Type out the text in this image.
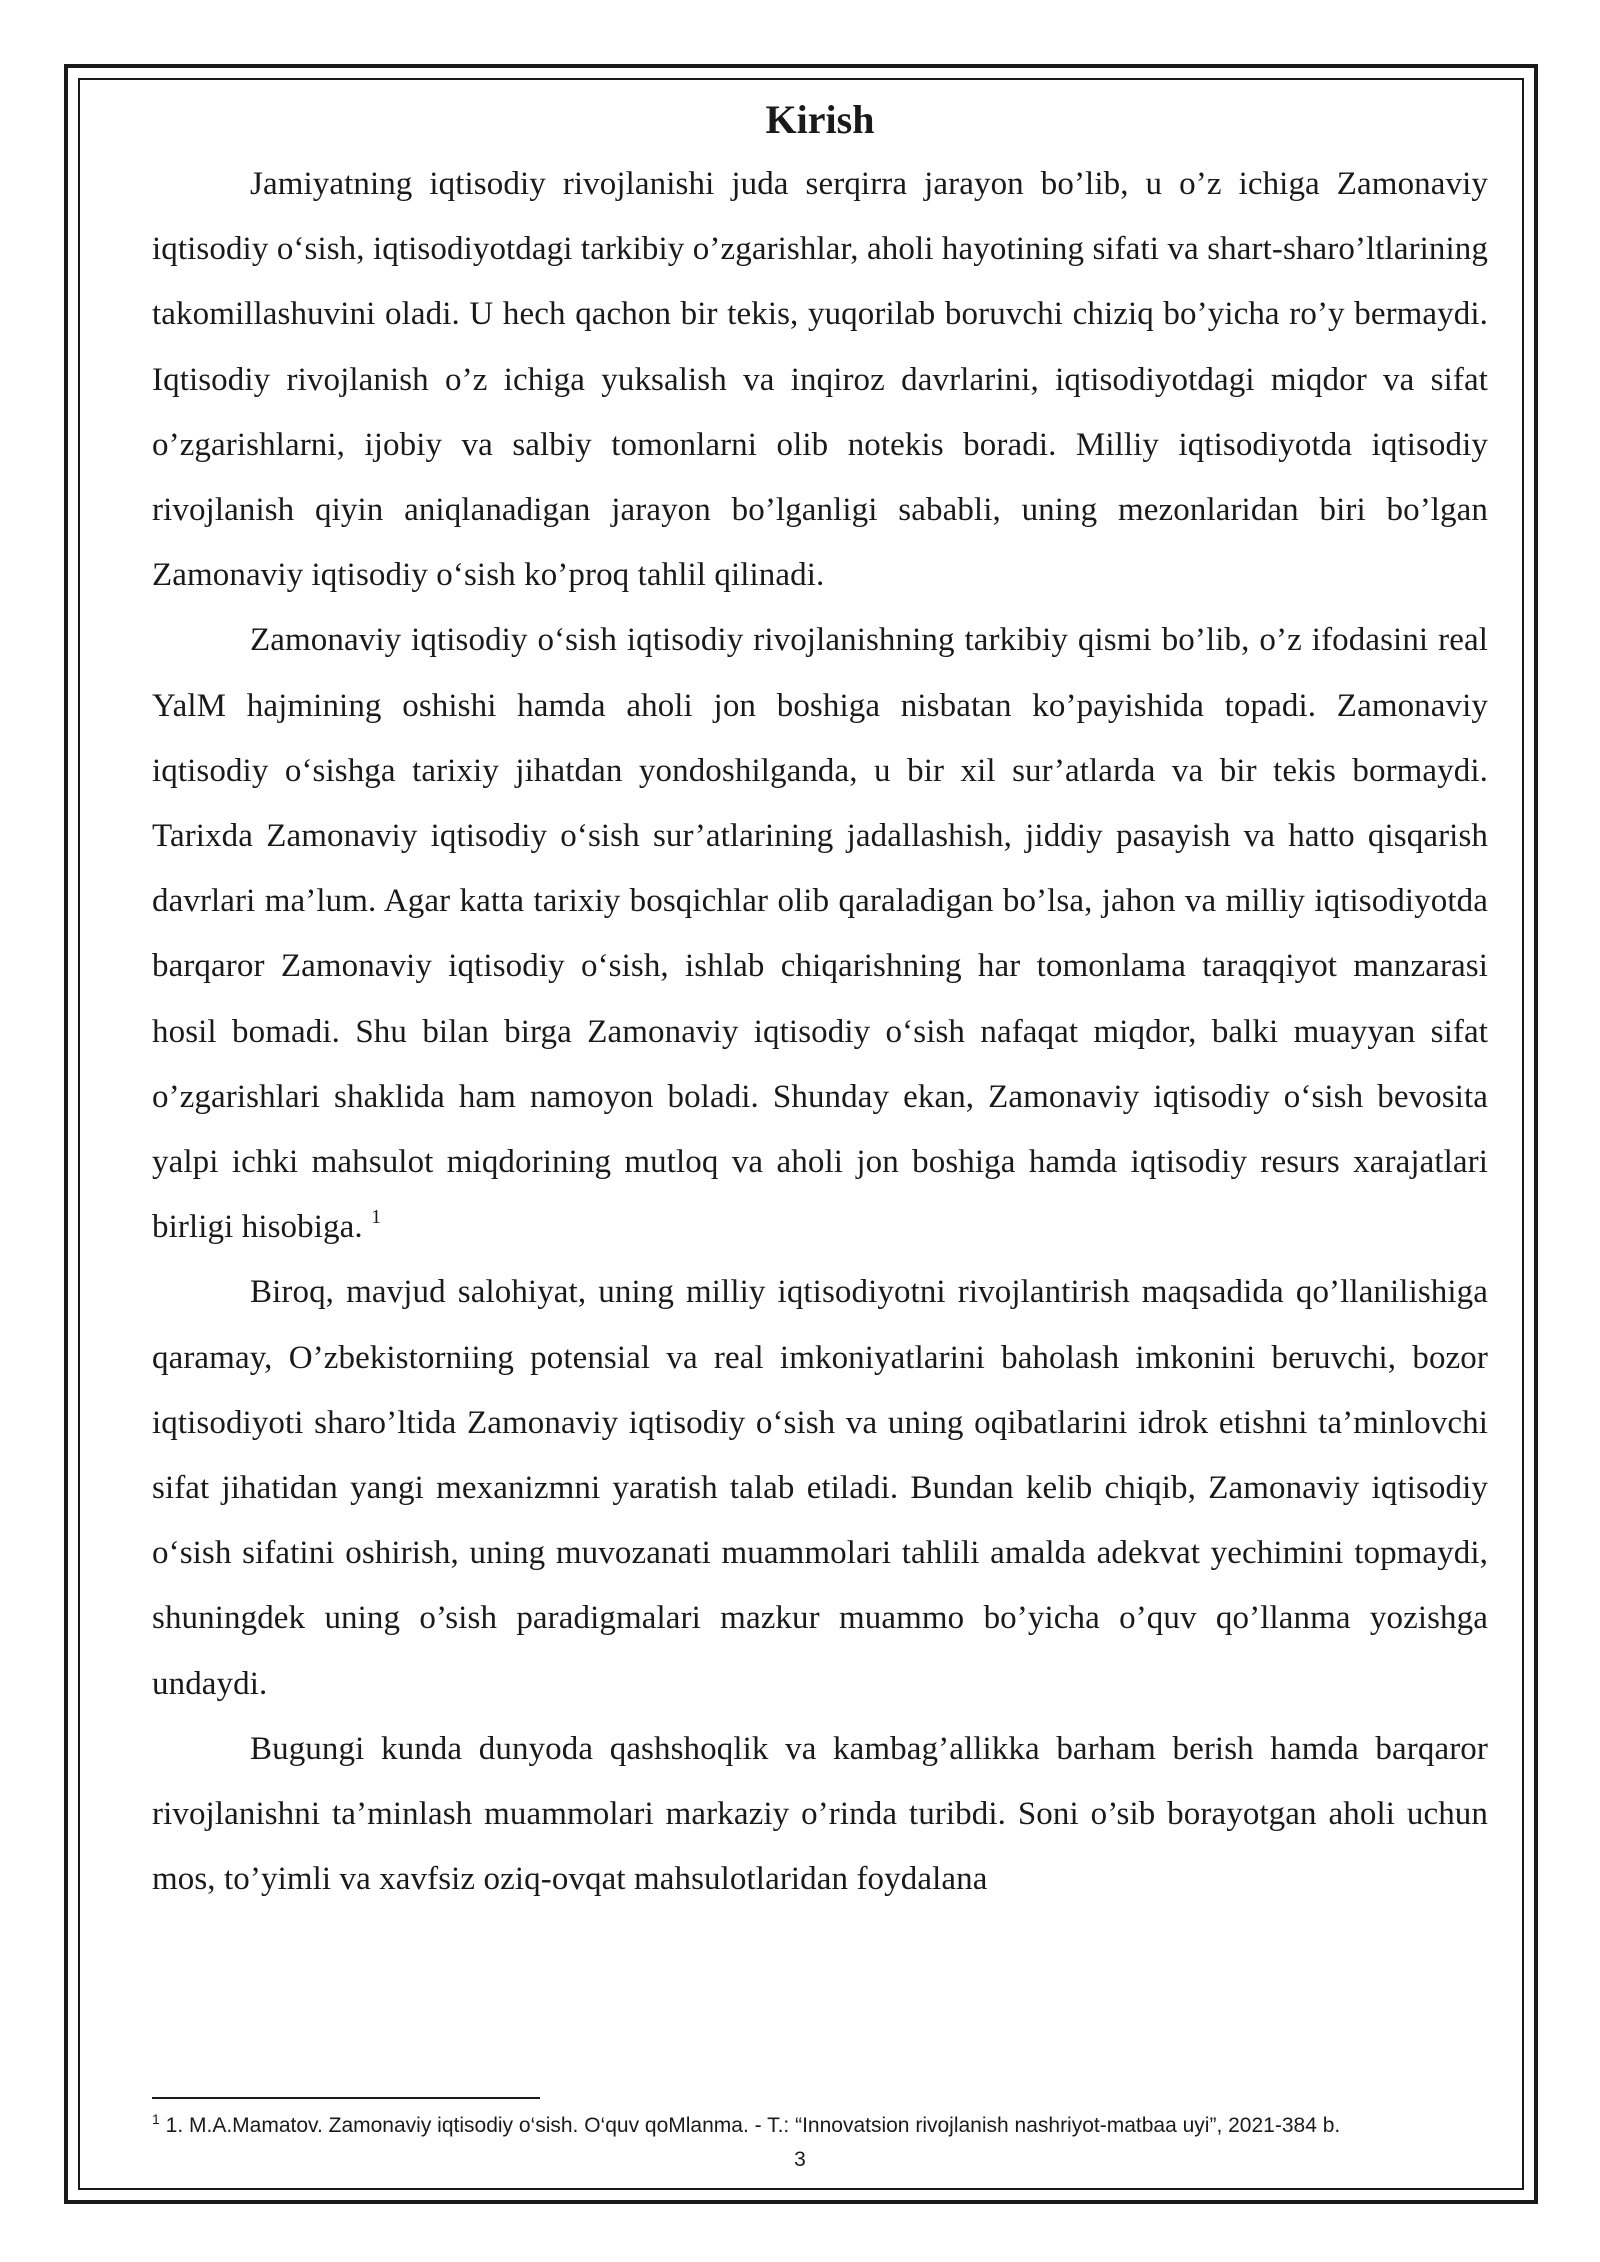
Kirish

Jamiyatning iqtisodiy rivojlanishi juda serqirra jarayon bo’lib, u o’z ichiga Zamonaviy iqtisodiy o‘sish, iqtisodiyotdagi tarkibiy o’zgarishlar, aholi hayotining sifati va shart-sharo’ltlarining takomillashuvini oladi. U hech qachon bir tekis, yuqorilab boruvchi chiziq bo’yicha ro’y bermaydi. Iqtisodiy rivojlanish o’z ichiga yuksalish va inqiroz davrlarini, iqtisodiyotdagi miqdor va sifat o’zgarishlarni, ijobiy va salbiy tomonlarni olib notekis boradi. Milliy iqtisodiyotda iqtisodiy rivojlanish qiyin aniqlanadigan jarayon bo’lganligi sababli, uning mezonlaridan biri bo’lgan Zamonaviy iqtisodiy o‘sish ko’proq tahlil qilinadi.

Zamonaviy iqtisodiy o‘sish iqtisodiy rivojlanishning tarkibiy qismi bo’lib, o’z ifodasini real YalM hajmining oshishi hamda aholi jon boshiga nisbatan ko’payishida topadi. Zamonaviy iqtisodiy o‘sishga tarixiy jihatdan yondoshilganda, u bir xil sur’atlarda va bir tekis bormaydi. Tarixda Zamonaviy iqtisodiy o‘sish sur’atlarining jadallashish, jiddiy pasayish va hatto qisqarish davrlari ma’lum. Agar katta tarixiy bosqichlar olib qaraladigan bo’lsa, jahon va milliy iqtisodiyotda barqaror Zamonaviy iqtisodiy o‘sish, ishlab chiqarishning har tomonlama taraqqiyot manzarasi hosil bomadi. Shu bilan birga Zamonaviy iqtisodiy o‘sish nafaqat miqdor, balki muayyan sifat o’zgarishlari shaklida ham namoyon boladi. Shunday ekan, Zamonaviy iqtisodiy o‘sish bevosita yalpi ichki mahsulot miqdorining mutloq va aholi jon boshiga hamda iqtisodiy resurs xarajatlari birligi hisobiga. $^1$

Biroq, mavjud salohiyat, uning milliy iqtisodiyotni rivojlantirish maqsadida qo’llanilishiga qaramay, O’zbekistorniing potensial va real imkoniyatlarini baholash imkonini beruvchi, bozor iqtisodiyoti sharo’ltida Zamonaviy iqtisodiy o‘sish va uning oqibatlarini idrok etishni ta’minlovchi sifat jihatidan yangi mexanizmni yaratish talab etiladi. Bundan kelib chiqib, Zamonaviy iqtisodiy o‘sish sifatini oshirish, uning muvozanati muammolari tahlili amalda adekvat yechimini topmaydi, shuningdek uning o’sish paradigmalari mazkur muammo bo’yicha o’quv qo’llanma yozishga undaydi.

Bugungi kunda dunyoda qashshoqlik va kambag’allikka barham berish hamda barqaror rivojlanishni ta’minlash muammolari markaziy o’rinda turibdi. Soni o’sib borayotgan aholi uchun mos, to’yimli va xavfsiz oziq-ovqat mahsulotlaridan foydalana

$^1$ 1. M.A.Mamatov. Zamonaviy iqtisodiy o‘sish. O‘quv qoMlanma. - T.: “Innovatsion rivojlanish nashriyot-matbaa uyi”, 2021-384 b.
3
